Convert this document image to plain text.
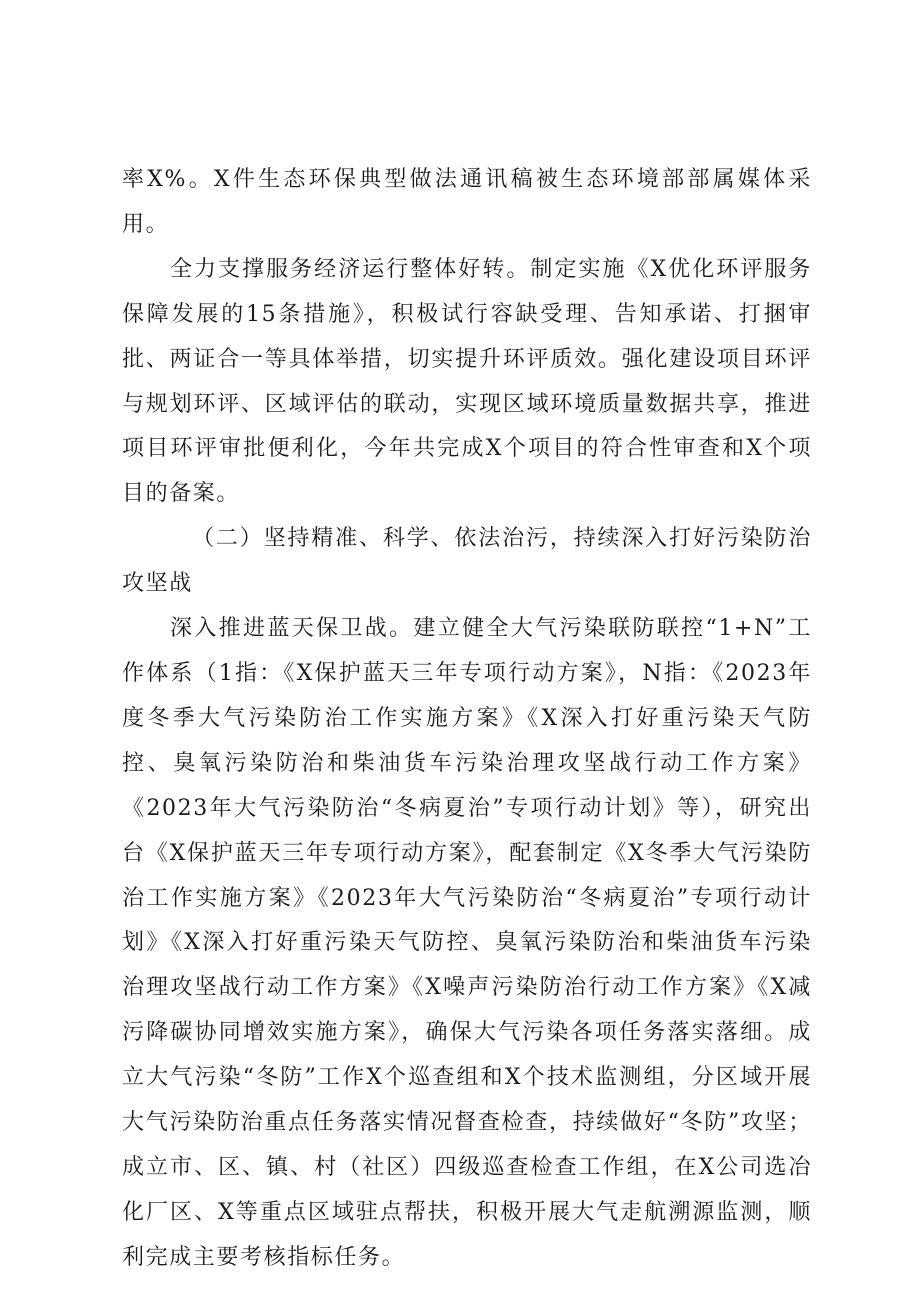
率X%。X件生态环保典型做法通讯稿被生态环境部部属媒体采用。

全力支撑服务经济运行整体好转。制定实施《X优化环评服务保障发展的15条措施》，积极试行容缺受理、告知承诺、打捆审批、两证合一等具体举措，切实提升环评质效。强化建设项目环评与规划环评、区域评估的联动，实现区域环境质量数据共享，推进项目环评审批便利化，今年共完成X个项目的符合性审查和X个项目的备案。

（二）坚持精准、科学、依法治污，持续深入打好污染防治攻坚战

深入推进蓝天保卫战。建立健全大气污染联防联控“1+N”工作体系（1指：《X保护蓝天三年专项行动方案》，N指：《2023年度冬季大气污染防治工作实施方案》《X深入打好重污染天气防控、臭氧污染防治和柴油货车污染治理攻坚战行动工作方案》《2023年大气污染防治“冬病夏治”专项行动计划》等），研究出台《X保护蓝天三年专项行动方案》，配套制定《X冬季大气污染防治工作实施方案》《2023年大气污染防治“冬病夏治”专项行动计划》《X深入打好重污染天气防控、臭氧污染防治和柴油货车污染治理攻坚战行动工作方案》《X噪声污染防治行动工作方案》《X减污降碳协同增效实施方案》，确保大气污染各项任务落实落细。成立大气污染“冬防”工作X个巡查组和X个技术监测组，分区域开展大气污染防治重点任务落实情况督查检查，持续做好“冬防”攻坚；成立市、区、镇、村（社区）四级巡查检查工作组，在X公司选冶化厂区、X等重点区域驻点帮扶，积极开展大气走航溯源监测，顺利完成主要考核指标任务。
